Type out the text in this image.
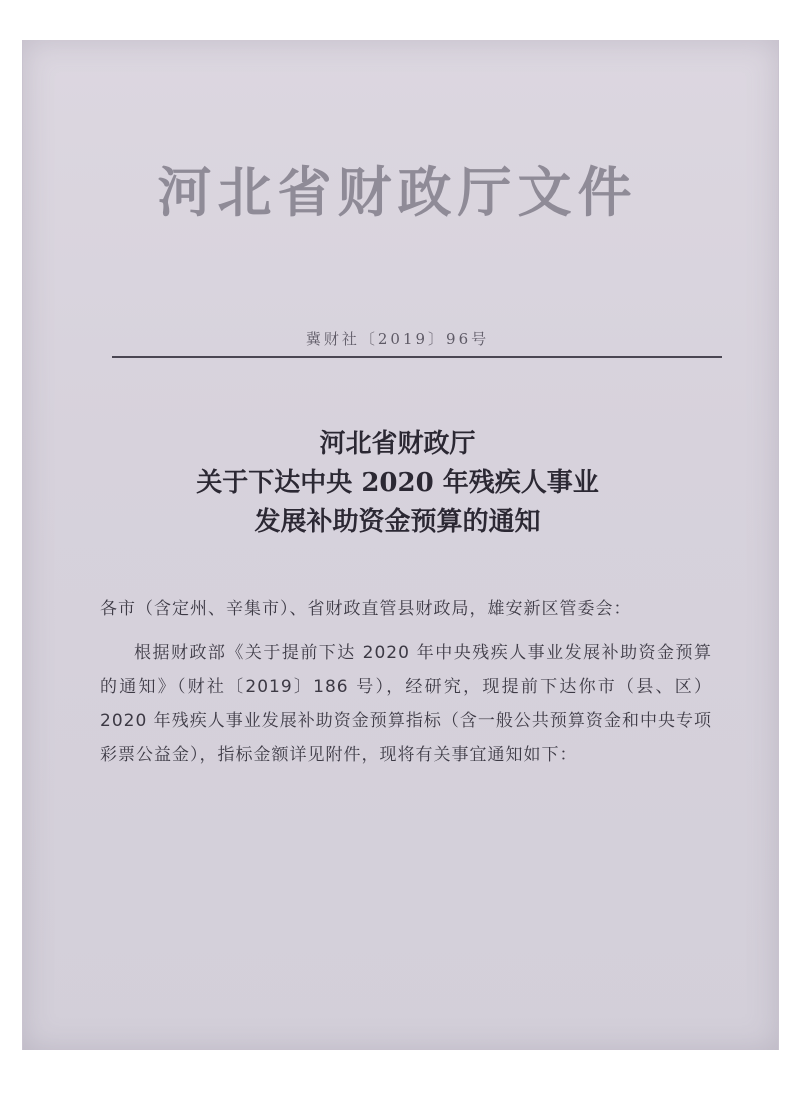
河北省财政厅文件
冀财社〔2019〕96号
河北省财政厅
关于下达中央 2020 年残疾人事业
发展补助资金预算的通知

各市（含定州、辛集市）、省财政直管县财政局，雄安新区管委会：

根据财政部《关于提前下达 2020 年中央残疾人事业发展补助资金预算的通知》（财社〔2019〕186 号），经研究，现提前下达你市（县、区）2020 年残疾人事业发展补助资金预算指标（含一般公共预算资金和中央专项彩票公益金），指标金额详见附件，现将有关事宜通知如下：
